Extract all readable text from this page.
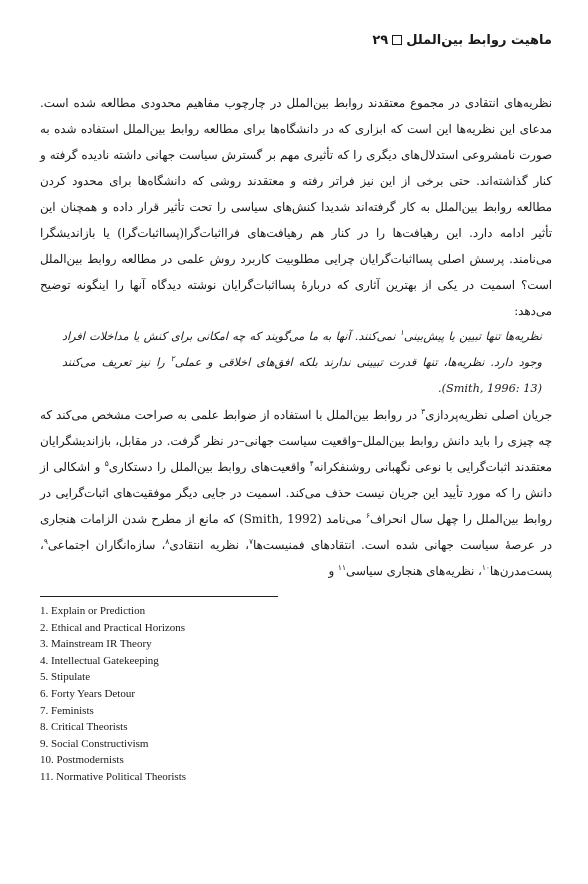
ماهیت روابط بین‌الملل
۲۹

نظریه‌های انتقادی در مجموع معتقدند روابط بین‌الملل در چارچوب مفاهیم محدودی مطالعه شده است. مدعای این نظریه‌ها این است که ابزاری که در دانشگاه‌ها برای مطالعه روابط بین‌الملل استفاده شده به صورت نامشروعی استدلال‌های دیگری را که تأثیری مهم بر گسترش سیاست جهانی داشته نادیده گرفته و کنار گذاشته‌اند. حتی برخی از این نیز فراتر رفته و معتقدند روشی که دانشگاه‌ها برای محدود کردن مطالعه روابط بین‌الملل به کار گرفته‌اند شدیدا کنش‌های سیاسی را تحت تأثیر قرار داده و همچنان این تأثیر ادامه دارد. این رهیافت‌ها را در کنار هم رهیافت‌های فرااثبات‌گرا(پسااثبات‌گرا) یا بازاندیشگرا می‌نامند. پرسش اصلی پسااثبات‌گرایان چرایی مطلوبیت کاربرد روش علمی در مطالعه روابط بین‌الملل است؟ اسمیت در یکی از بهترین آثاری که دربارهٔ پسااثبات‌گرایان نوشته دیدگاه آنها را اینگونه توضیح می‌دهد:

نظریه‌ها تنها تبیین یا پیش‌بینی$^۱$ نمی‌کنند. آنها به ما می‌گویند که چه امکانی برای کنش یا مداخلات افراد وجود دارد. نظریه‌ها، تنها قدرت تبیینی ندارند بلکه افق‌های اخلاقی و عملی$^۲$ را نیز تعریف می‌کنند (Smith, 1996: 13).

جریان اصلی نظریه‌پردازی$^۳$ در روابط بین‌الملل با استفاده از ضوابط علمی به صراحت مشخص می‌کند که چه چیزی را باید دانش روابط بین‌الملل–واقعیت سیاست جهانی–در نظر گرفت. در مقابل، بازاندیشگرایان معتقدند اثبات‌گرایی با نوعی نگهبانی روشنفکرانه$^۴$ واقعیت‌های روابط بین‌الملل را دستکاری$^۵$ و اشکالی از دانش را که مورد تأیید این جریان نیست حذف می‌کند. اسمیت در جایی دیگر موفقیت‌های اثبات‌گرایی در روابط بین‌الملل را چهل سال انحراف$^۶$ می‌نامد (Smith, 1992) که مانع از مطرح شدن الزامات هنجاری در عرصهٔ سیاست جهانی شده است. انتقادهای فمنیست‌ها$^۷$، نظریه انتقادی$^۸$، سازه‌انگاران اجتماعی$^۹$، پست‌مدرن‌ها$^{۱۰}$، نظریه‌های هنجاری سیاسی$^{۱۱}$ و

1. Explain or Prediction
2. Ethical and Practical Horizons
3. Mainstream IR Theory
4. Intellectual Gatekeeping
5. Stipulate
6. Forty Years Detour
7. Feminists
8. Critical Theorists
9. Social Constructivism
10. Postmodernists
11. Normative Political Theorists
